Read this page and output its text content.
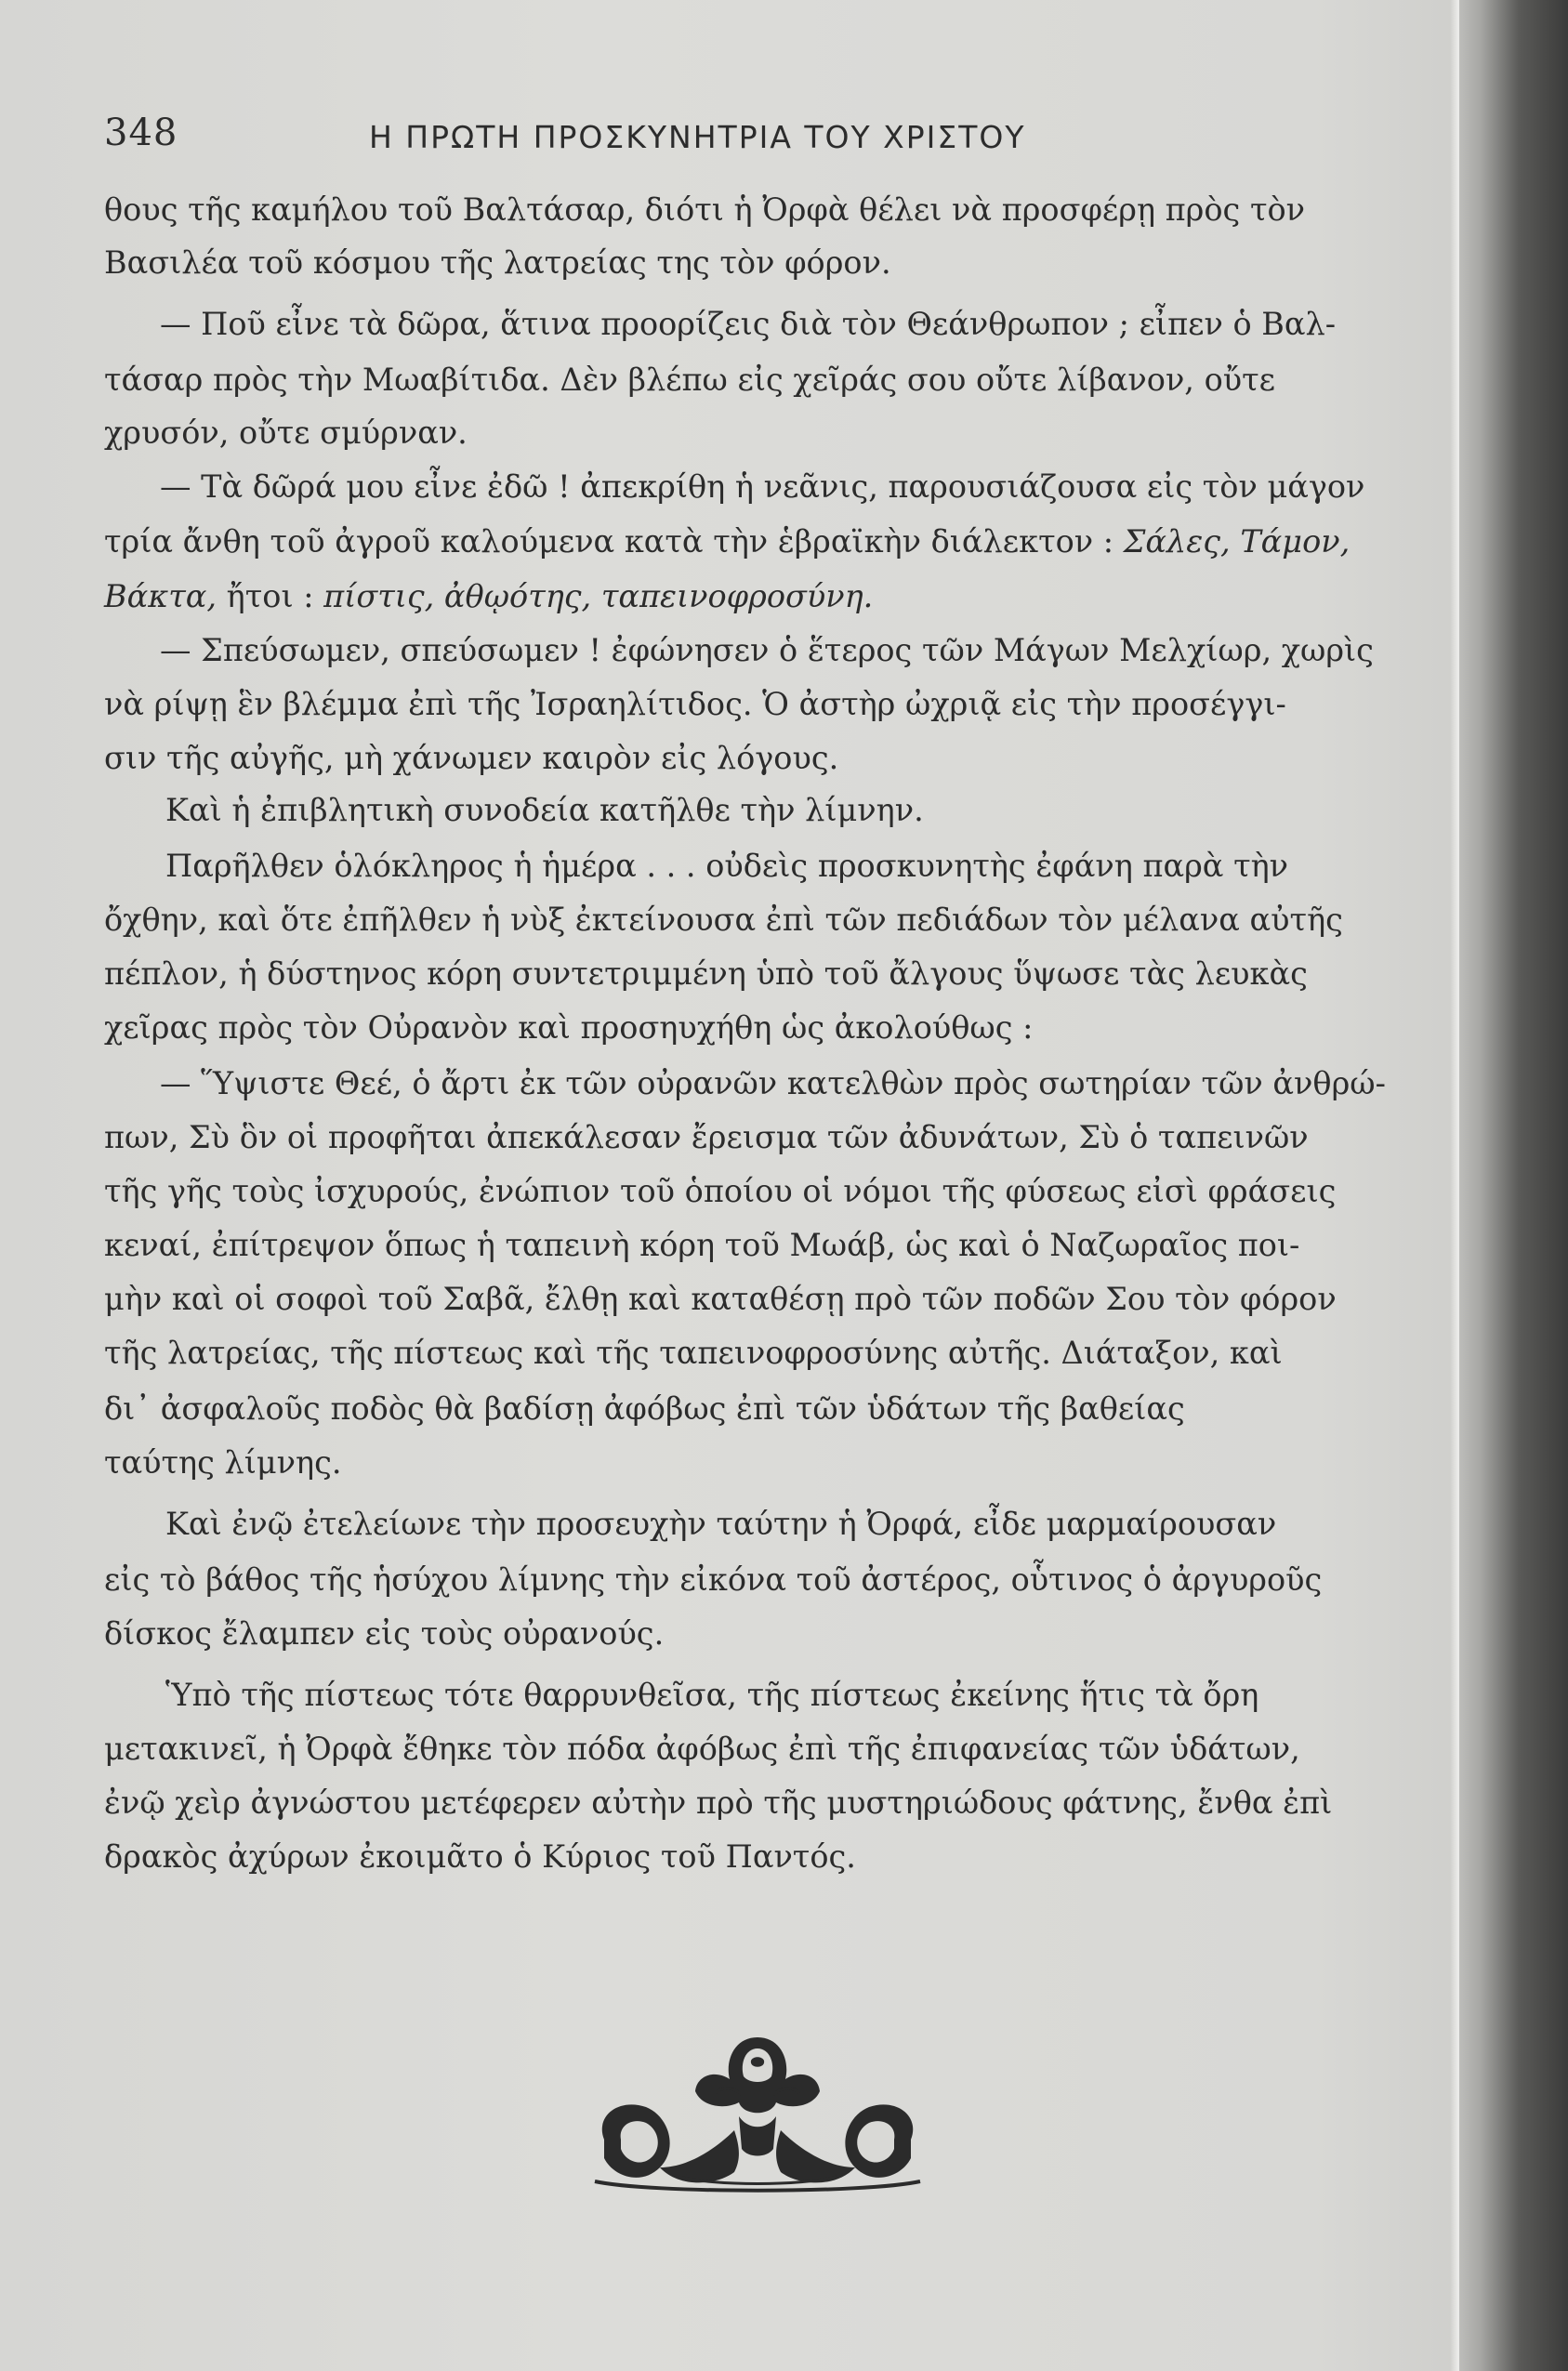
348	Η ΠΡΩΤΗ ΠΡΟΣΚΥΝΗΤΡΙΑ ΤΟΥ ΧΡΙΣΤΟΥ
θους τῆς καμήλου τοῦ Βαλτάσαρ, διότι ἡ Ὀρφὰ θέλει νὰ προσφέρῃ πρὸς τὸν
Βασιλέα τοῦ κόσμου τῆς λατρείας της τὸν φόρον.
— Ποῦ εἶνε τὰ δῶρα, ἅτινα προορίζεις διὰ τὸν Θεάνθρωπον ; εἶπεν ὁ Βαλ-
τάσαρ πρὸς τὴν Μωαβίτιδα. Δὲν βλέπω εἰς χεῖράς σου οὔτε λίβανον, οὔτε
χρυσόν, οὔτε σμύρναν.
— Τὰ δῶρά μου εἶνε ἐδῶ ! ἀπεκρίθη ἡ νεᾶνις, παρουσιάζουσα εἰς τὸν μάγον
τρία ἄνθη τοῦ ἀγροῦ καλούμενα κατὰ τὴν ἑβραϊκὴν διάλεκτον : Σάλες, Τάμον,
Βάκτα, ἤτοι : πίστις, ἀθῳότης, ταπεινοφροσύνη.
— Σπεύσωμεν, σπεύσωμεν ! ἐφώνησεν ὁ ἕτερος τῶν Μάγων Μελχίωρ, χωρὶς
νὰ ρίψῃ ἓν βλέμμα ἐπὶ τῆς Ἰσραηλίτιδος. Ὁ ἀστὴρ ὠχριᾷ εἰς τὴν προσέγγι-
σιν τῆς αὐγῆς, μὴ χάνωμεν καιρὸν εἰς λόγους.
Καὶ ἡ ἐπιβλητικὴ συνοδεία κατῆλθε τὴν λίμνην.
Παρῆλθεν ὁλόκληρος ἡ ἡμέρα . . . οὐδεὶς προσκυνητὴς ἐφάνη παρὰ τὴν
ὄχθην, καὶ ὅτε ἐπῆλθεν ἡ νὺξ ἐκτείνουσα ἐπὶ τῶν πεδιάδων τὸν μέλανα αὐτῆς
πέπλον, ἡ δύστηνος κόρη συντετριμμένη ὑπὸ τοῦ ἄλγους ὕψωσε τὰς λευκὰς
χεῖρας πρὸς τὸν Οὐρανὸν καὶ προσηυχήθη ὡς ἀκολούθως :
— Ὕψιστε Θεέ, ὁ ἄρτι ἐκ τῶν οὐρανῶν κατελθὼν πρὸς σωτηρίαν τῶν ἀνθρώ-
πων, Σὺ ὃν οἱ προφῆται ἀπεκάλεσαν ἔρεισμα τῶν ἀδυνάτων, Σὺ ὁ ταπεινῶν
τῆς γῆς τοὺς ἰσχυρούς, ἐνώπιον τοῦ ὁποίου οἱ νόμοι τῆς φύσεως εἰσὶ φράσεις
κεναί, ἐπίτρεψον ὅπως ἡ ταπεινὴ κόρη τοῦ Μωάβ, ὡς καὶ ὁ Ναζωραῖος ποι-
μὴν καὶ οἱ σοφοὶ τοῦ Σαβᾶ, ἔλθῃ καὶ καταθέσῃ πρὸ τῶν ποδῶν Σου τὸν φόρον
τῆς λατρείας, τῆς πίστεως καὶ τῆς ταπεινοφροσύνης αὐτῆς. Διάταξον, καὶ
δι᾽ ἀσφαλοῦς ποδὸς θὰ βαδίσῃ ἀφόβως ἐπὶ τῶν ὑδάτων τῆς βαθείας
ταύτης λίμνης.
Καὶ ἐνῷ ἐτελείωνε τὴν προσευχὴν ταύτην ἡ Ὀρφά, εἶδε μαρμαίρουσαν
εἰς τὸ βάθος τῆς ἡσύχου λίμνης τὴν εἰκόνα τοῦ ἀστέρος, οὗτινος ὁ ἀργυροῦς
δίσκος ἔλαμπεν εἰς τοὺς οὐρανούς.
Ὑπὸ τῆς πίστεως τότε θαρρυνθεῖσα, τῆς πίστεως ἐκείνης ἥτις τὰ ὄρη
μετακινεῖ, ἡ Ὀρφὰ ἔθηκε τὸν πόδα ἀφόβως ἐπὶ τῆς ἐπιφανείας τῶν ὑδάτων,
ἐνῷ χεὶρ ἀγνώστου μετέφερεν αὐτὴν πρὸ τῆς μυστηριώδους φάτνης, ἔνθα ἐπὶ
δρακὸς ἀχύρων ἐκοιμᾶτο ὁ Κύριος τοῦ Παντός.
